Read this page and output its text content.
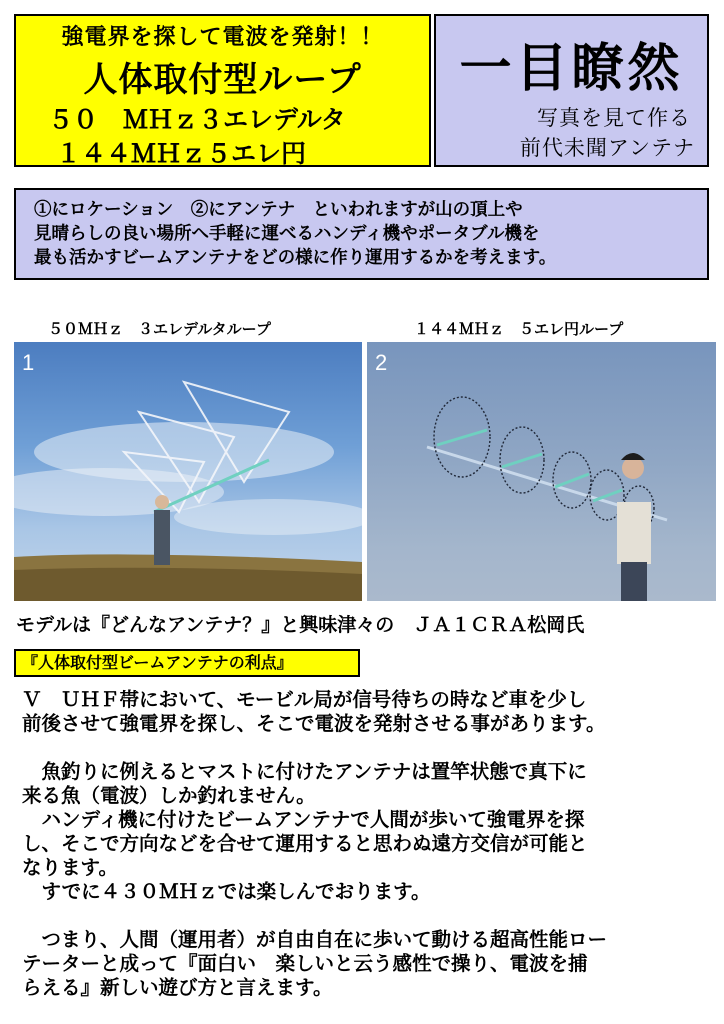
強電界を探して電波を発射！！
人体取付型ループ
５０　ＭＨｚ３エレデルタ
１４４ＭＨｚ５エレ円
一目瞭然
写真を見て作る
前代未聞アンテナ
①にロケーション　②にアンテナ　といわれますが山の頂上や
見晴らしの良い場所へ手軽に運べるハンディ機やポータブル機を
最も活かすビームアンテナをどの様に作り運用するかを考えます。
５０ＭＨｚ　３エレデルタループ	１４４ＭＨｚ　５エレ円ループ
1	2
モデルは『どんなアンテナ？』と興味津々の　ＪＡ１ＣＲＡ松岡氏
『人体取付型ビームアンテナの利点』
Ｖ　ＵＨＦ帯において、モービル局が信号待ちの時など車を少し
前後させて強電界を探し、そこで電波を発射させる事があります。
　魚釣りに例えるとマストに付けたアンテナは置竿状態で真下に
来る魚（電波）しか釣れません。
　ハンディ機に付けたビームアンテナで人間が歩いて強電界を探
し、そこで方向などを合せて運用すると思わぬ遠方交信が可能と
なります。
　すでに４３０ＭＨｚでは楽しんでおります。
　つまり、人間（運用者）が自由自在に歩いて動ける超高性能ロー
テーターと成って『面白い　楽しいと云う感性で操り、電波を捕
らえる』新しい遊び方と言えます。
